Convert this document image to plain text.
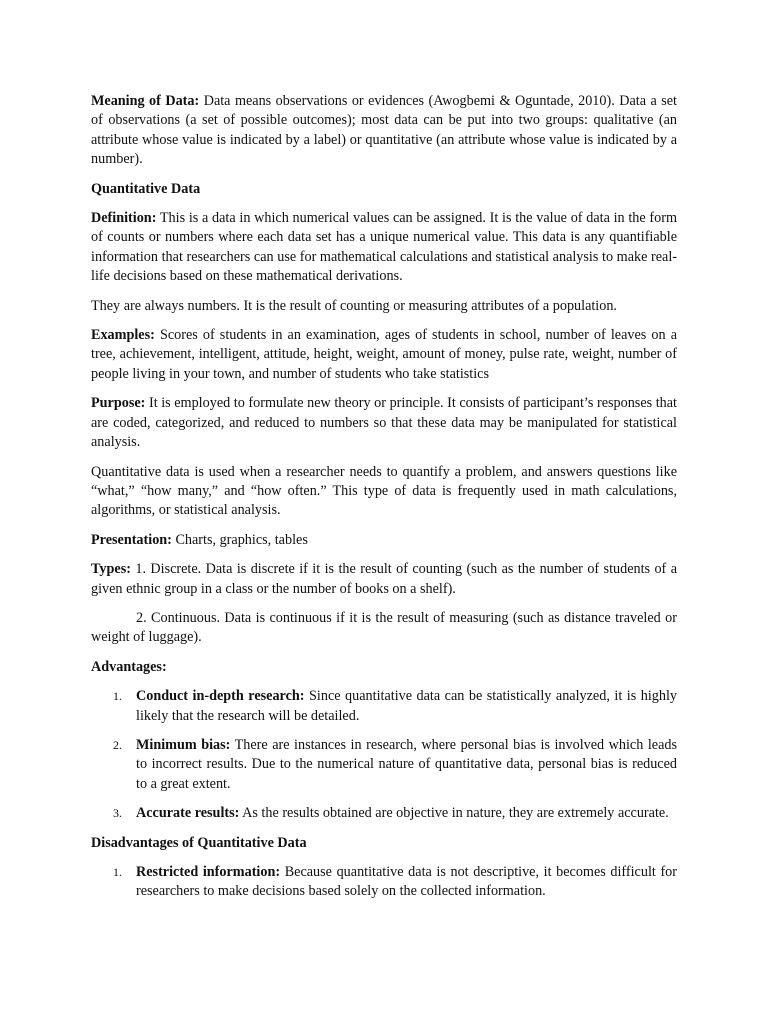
Meaning of Data: Data means observations or evidences (Awogbemi & Oguntade, 2010). Data a set of observations (a set of possible outcomes); most data can be put into two groups: qualitative (an attribute whose value is indicated by a label) or quantitative (an attribute whose value is indicated by a number).

Quantitative Data

Definition: This is a data in which numerical values can be assigned. It is the value of data in the form of counts or numbers where each data set has a unique numerical value. This data is any quantifiable information that researchers can use for mathematical calculations and statistical analysis to make real-life decisions based on these mathematical derivations.

They are always numbers. It is the result of counting or measuring attributes of a population.

Examples: Scores of students in an examination, ages of students in school, number of leaves on a tree, achievement, intelligent, attitude, height, weight, amount of money, pulse rate, weight, number of people living in your town, and number of students who take statistics

Purpose: It is employed to formulate new theory or principle. It consists of participant’s responses that are coded, categorized, and reduced to numbers so that these data may be manipulated for statistical analysis.

Quantitative data is used when a researcher needs to quantify a problem, and answers questions like “what,” “how many,” and “how often.” This type of data is frequently used in math calculations, algorithms, or statistical analysis.

Presentation: Charts, graphics, tables

Types: 1. Discrete. Data is discrete if it is the result of counting (such as the number of students of a given ethnic group in a class or the number of books on a shelf).

2. Continuous. Data is continuous if it is the result of measuring (such as distance traveled or weight of luggage).

Advantages:

1. Conduct in-depth research: Since quantitative data can be statistically analyzed, it is highly likely that the research will be detailed.
2. Minimum bias: There are instances in research, where personal bias is involved which leads to incorrect results. Due to the numerical nature of quantitative data, personal bias is reduced to a great extent.
3. Accurate results: As the results obtained are objective in nature, they are extremely accurate.

Disadvantages of Quantitative Data

1. Restricted information: Because quantitative data is not descriptive, it becomes difficult for researchers to make decisions based solely on the collected information.
